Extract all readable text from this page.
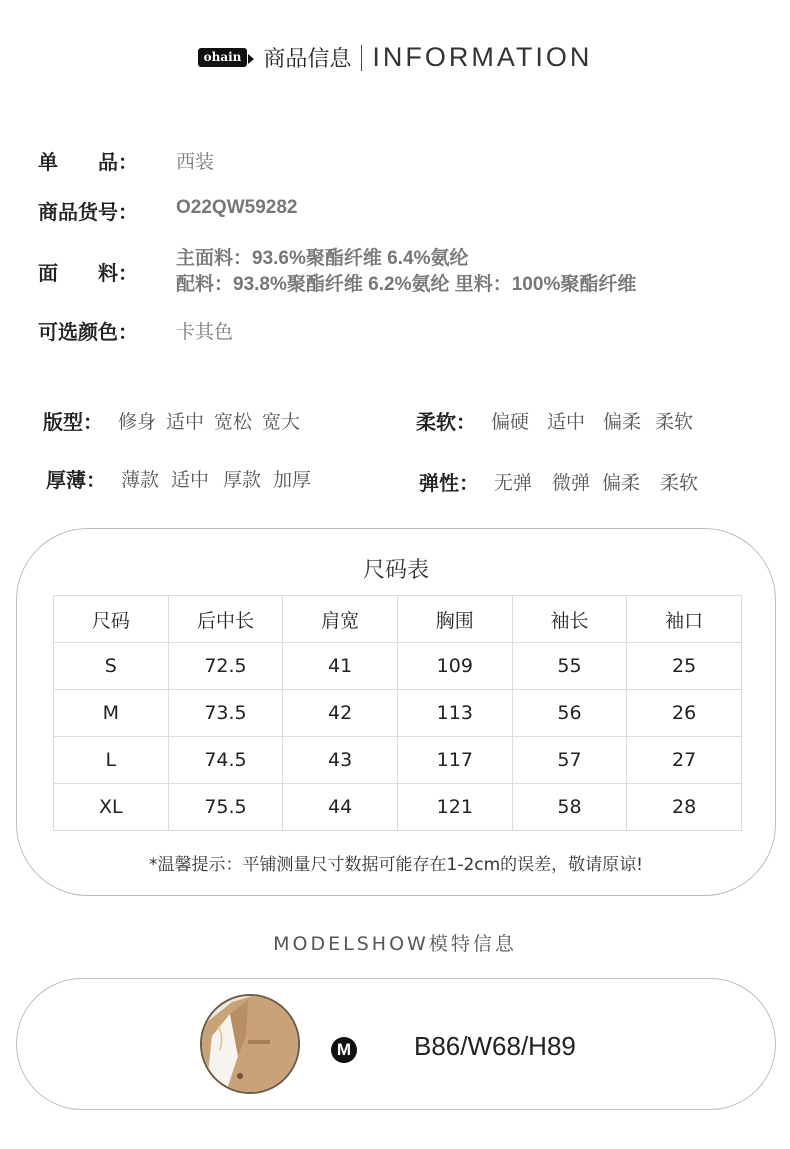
ohain 商品信息 INFORMATION
单　　品： 西装
商品货号： O22QW59282
面　　料：
主面料：93.6%聚酯纤维 6.4%氨纶
配料：93.8%聚酯纤维 6.2%氨纶 里料：100%聚酯纤维
可选颜色： 卡其色
版型： 修身 适中 宽松 宽大	柔软： 偏硬 适中 偏柔 柔软
厚薄： 薄款 适中 厚款 加厚	弹性： 无弹 微弹 偏柔 柔软
尺码表
尺码	后中长	肩宽	胸围	袖长	袖口
S	72.5	41	109	55	25
M	73.5	42	113	56	26
L	74.5	43	117	57	27
XL	75.5	44	121	58	28
*温馨提示：平铺测量尺寸数据可能存在1-2cm的误差，敬请原谅!
MODELSHOW模特信息
M B86/W68/H89
